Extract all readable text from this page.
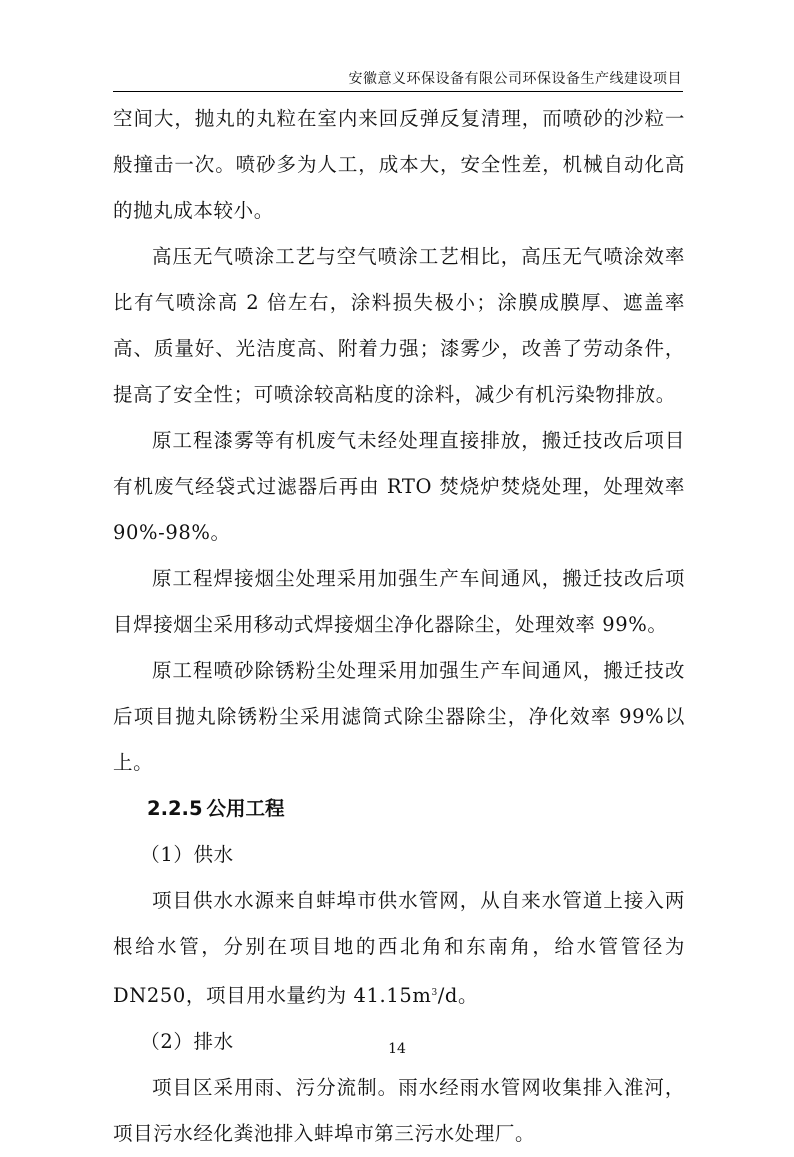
安徽意义环保设备有限公司环保设备生产线建设项目

空间大，抛丸的丸粒在室内来回反弹反复清理，而喷砂的沙粒一般撞击一次。喷砂多为人工，成本大，安全性差，机械自动化高的抛丸成本较小。

高压无气喷涂工艺与空气喷涂工艺相比，高压无气喷涂效率比有气喷涂高 2 倍左右，涂料损失极小；涂膜成膜厚、遮盖率高、质量好、光洁度高、附着力强；漆雾少，改善了劳动条件，提高了安全性；可喷涂较高粘度的涂料，减少有机污染物排放。

原工程漆雾等有机废气未经处理直接排放，搬迁技改后项目有机废气经袋式过滤器后再由 RTO 焚烧炉焚烧处理，处理效率 90%-98%。

原工程焊接烟尘处理采用加强生产车间通风，搬迁技改后项目焊接烟尘采用移动式焊接烟尘净化器除尘，处理效率 99%。

原工程喷砂除锈粉尘处理采用加强生产车间通风，搬迁技改后项目抛丸除锈粉尘采用滤筒式除尘器除尘，净化效率 99%以上。

2.2.5 公用工程

（1）供水

项目供水水源来自蚌埠市供水管网，从自来水管道上接入两根给水管，分别在项目地的西北角和东南角，给水管管径为 DN250，项目用水量约为 $41.15m^3/d$。

（2）排水

项目区采用雨、污分流制。雨水经雨水管网收集排入淮河，项目污水经化粪池排入蚌埠市第三污水处理厂。

14
